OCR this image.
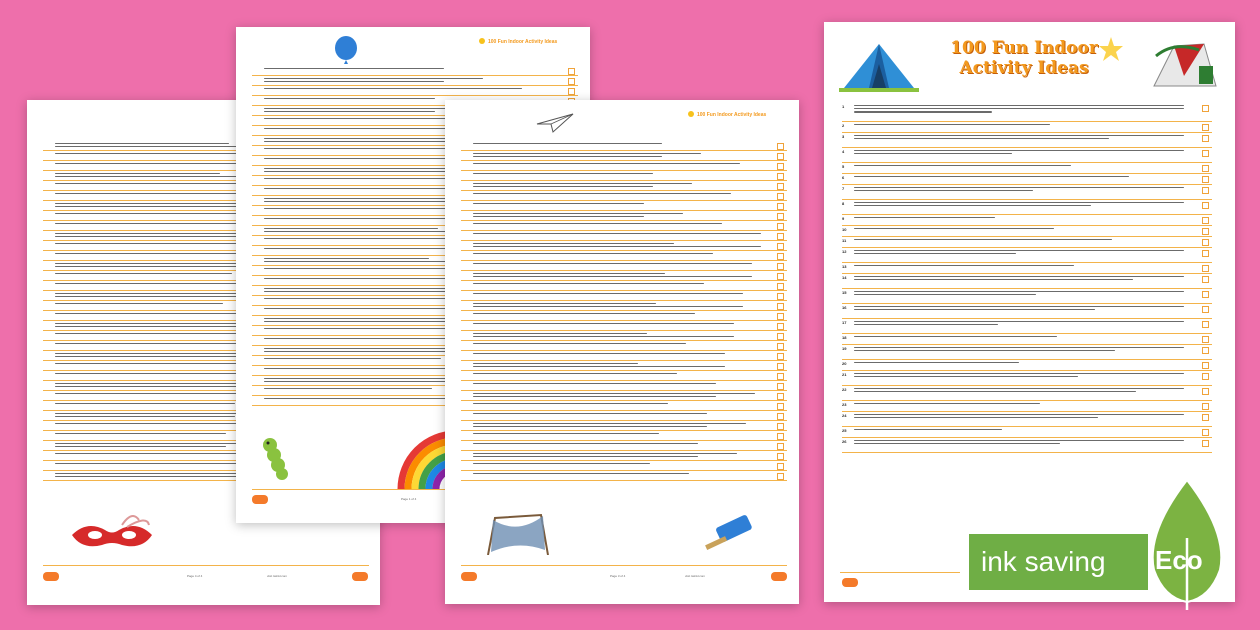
Page 4 of 4	visit twinkl.com
100 Fun Indoor Activity Ideas
Page 1 of 4
100 Fun Indoor Activity Ideas
Page 3 of 4	visit twinkl.com
100 Fun Indoor
Activity Ideas
1
2
3
4
5
6
7
8
9
10
11
12
13
14
15
16
17
18
19
20
21
22
23
24
25
26
ink saving Eco
